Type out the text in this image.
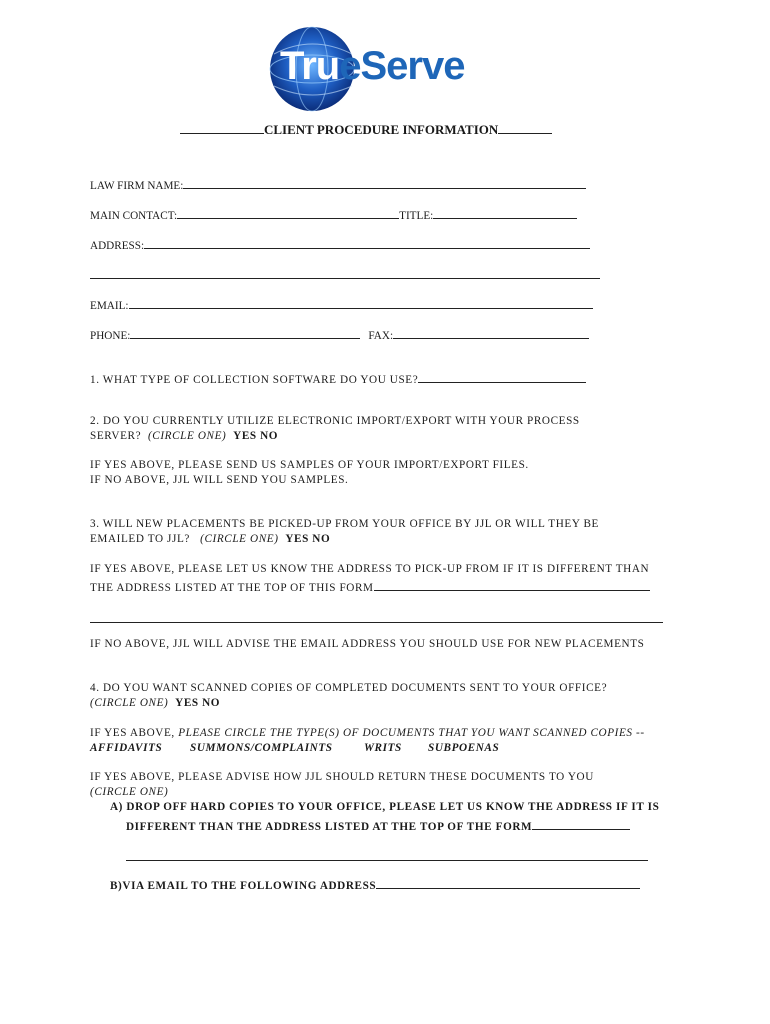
TrueServe
CLIENT PROCEDURE INFORMATION
LAW FIRM NAME:
MAIN CONTACT:	TITLE:
ADDRESS:
EMAIL:
PHONE:	FAX:
1. WHAT TYPE OF COLLECTION SOFTWARE DO YOU USE?
2. DO YOU CURRENTLY UTILIZE ELECTRONIC IMPORT/EXPORT WITH YOUR PROCESS
SERVER? (CIRCLE ONE) YES NO
IF YES ABOVE, PLEASE SEND US SAMPLES OF YOUR IMPORT/EXPORT FILES.
IF NO ABOVE, JJL WILL SEND YOU SAMPLES.
3. WILL NEW PLACEMENTS BE PICKED-UP FROM YOUR OFFICE BY JJL OR WILL THEY BE
EMAILED TO JJL? (CIRCLE ONE) YES NO
IF YES ABOVE, PLEASE LET US KNOW THE ADDRESS TO PICK-UP FROM IF IT IS DIFFERENT THAN
THE ADDRESS LISTED AT THE TOP OF THIS FORM
IF NO ABOVE, JJL WILL ADVISE THE EMAIL ADDRESS YOU SHOULD USE FOR NEW PLACEMENTS
4. DO YOU WANT SCANNED COPIES OF COMPLETED DOCUMENTS SENT TO YOUR OFFICE?
(CIRCLE ONE) YES NO
IF YES ABOVE, PLEASE CIRCLE THE TYPE(S) OF DOCUMENTS THAT YOU WANT SCANNED COPIES --
AFFIDAVITS SUMMONS/COMPLAINTS	WRITS SUBPOENAS
IF YES ABOVE, PLEASE ADVISE HOW JJL SHOULD RETURN THESE DOCUMENTS TO YOU
(CIRCLE ONE)
A) DROP OFF HARD COPIES TO YOUR OFFICE, PLEASE LET US KNOW THE ADDRESS IF IT IS
DIFFERENT THAN THE ADDRESS LISTED AT THE TOP OF THE FORM
B)VIA EMAIL TO THE FOLLOWING ADDRESS
